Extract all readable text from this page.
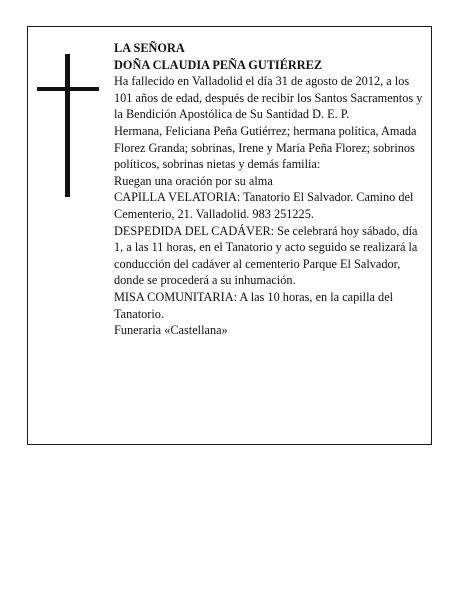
LA SEÑORA

DOÑA CLAUDIA PEÑA GUTIÉRREZ

Ha fallecido en Valladolid el día 31 de agosto de 2012, a los 101 años de edad, después de recibir los Santos Sacramentos y la Bendición Apostólica de Su Santidad D. E. P.

Hermana, Feliciana Peña Gutiérrez; hermana política, Amada Florez Granda; sobrinas, Irene y María Peña Florez; sobrinos políticos, sobrinas nietas y demás familia:

Ruegan una oración por su alma

CAPILLA VELATORIA: Tanatorio El Salvador. Camino del Cementerio, 21. Valladolid. 983 251225.

DESPEDIDA DEL CADÁVER: Se celebrará hoy sábado, día 1, a las 11 horas, en el Tanatorio y acto seguido se realizará la conducción del cadáver al cementerio Parque El Salvador, donde se procederá a su inhumación.

MISA COMUNITARIA: A las 10 horas, en la capilla del Tanatorio.

Funeraria «Castellana»
